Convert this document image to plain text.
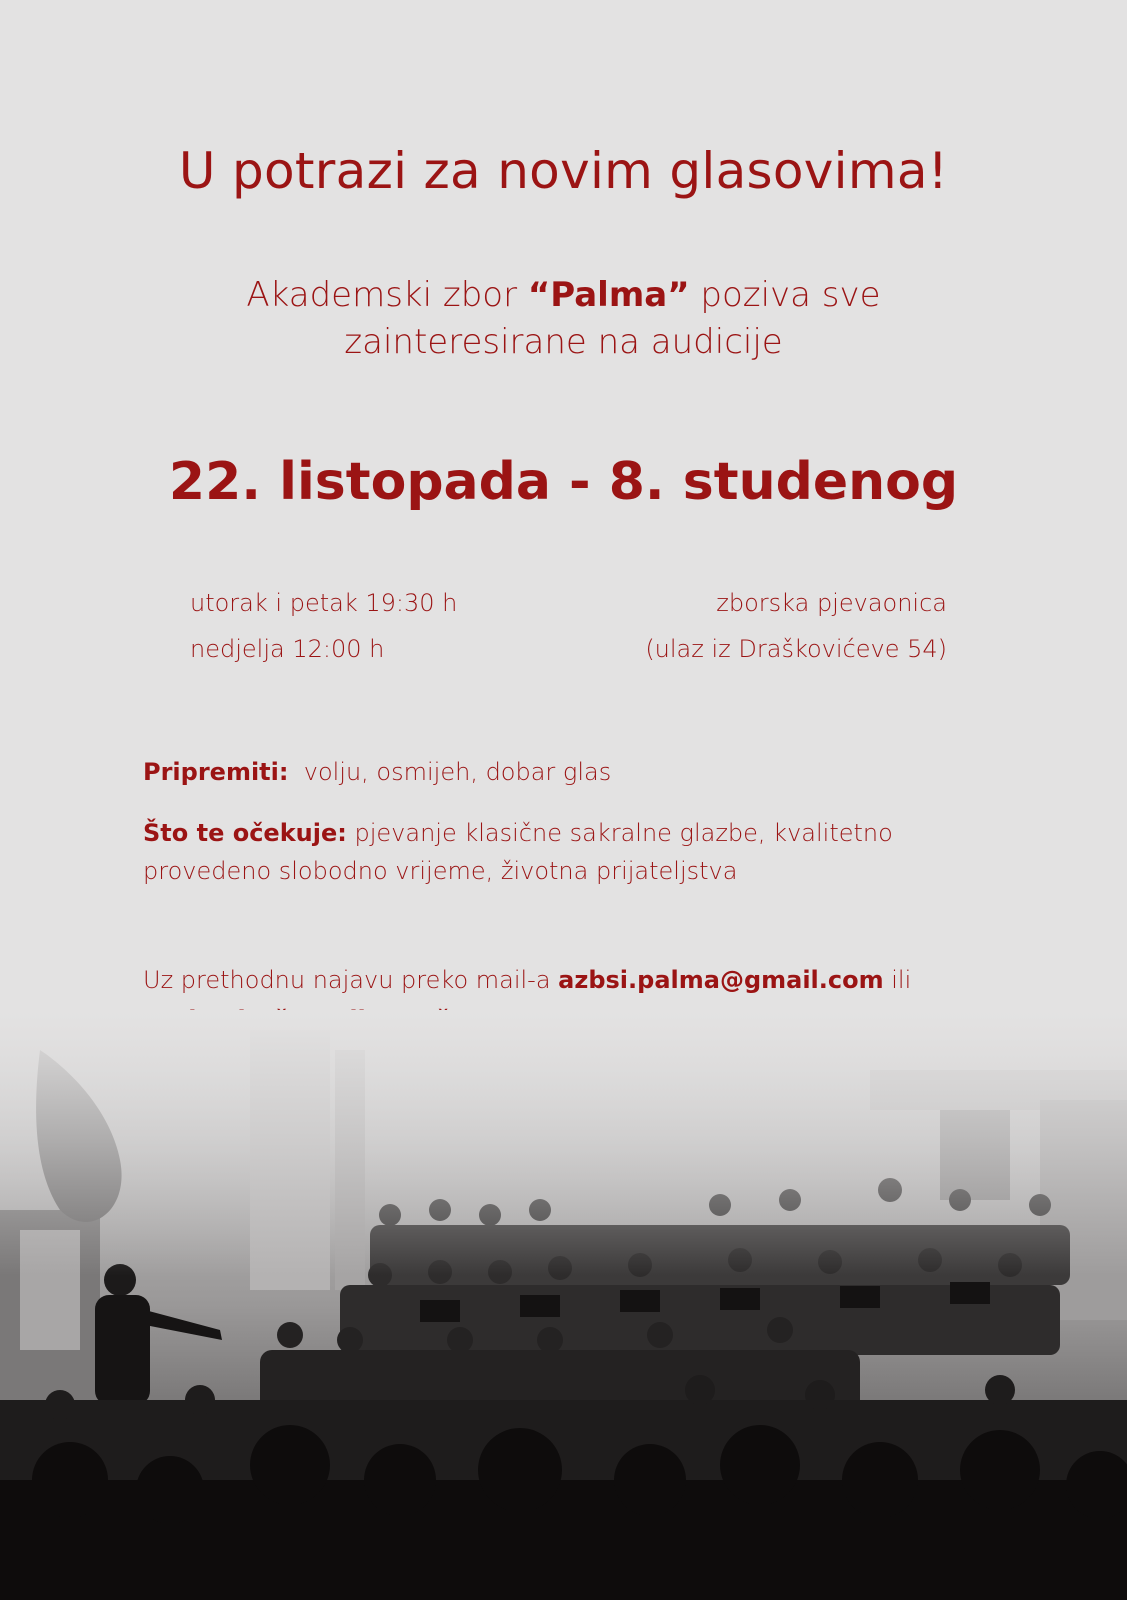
U potrazi za novim glasovima!
Akademski zbor “Palma” poziva sve
zainteresirane na audicije
22. listopada - 8. studenog
utorak i petak 19:30 h
nedjelja 12:00 h
zborska pjevaonica
(ulaz iz Draškovićeve 54)
Pripremiti:  volju, osmijeh, dobar glas
Što te očekuje: pjevanje klasične sakralne glazbe, kvalitetno provedeno slobodno vrijeme, životna prijateljstva
Uz prethodnu najavu preko mail-a azbsi.palma@gmail.com ili
